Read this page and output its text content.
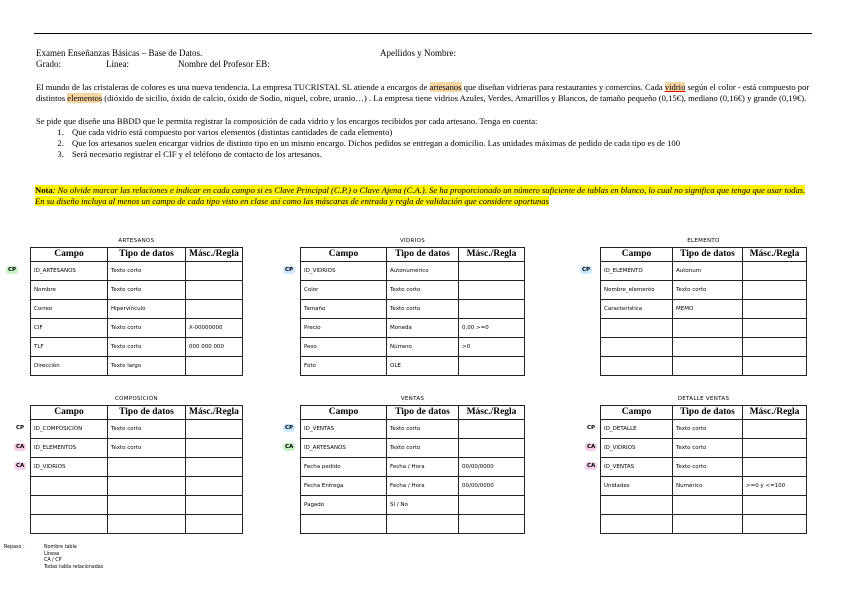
Examen Enseñanzas Básicas – Base de Datos.	Apellidos y Nombre:
Grado:	Línea:	Nombre del Profesor EB:
El mundo de las cristaleras de colores es una nueva tendencia. La empresa TUCRISTAL SL atiende a encargos de artesanos que diseñan vidrieras para restaurantes y comercios. Cada vidrio según el color - está compuesto por distintos elementos (dióxido de sicilio, óxido de calcio, óxido de Sodio, niquel, cobre, uranio…) . La empresa tiene vidrios Azules, Verdes, Amarillos y Blancos, de tamaño pequeño (0,15€), mediano (0,16€) y grande (0,19€).
Se pide que diseñe una BBDD que le permita registrar la composición de cada vidrio y los encargos recibidos por cada artesano. Tenga en cuenta:
1. Que cada vidrio está compuesto por varios elementos (distintas cantidades de cada elemento)
2. Que los artesanos suelen encargar vidrios de distinto tipo en un mismo encargo. Dichos pedidos se entregan a domicilio. Las unidades máximas de pedido de cada tipo es de 100
3. Será necesario registrar el CIF y el teléfono de contacto de los artesanos.
Nota: No olvide marcar las relaciones e indicar en cada campo si es Clave Principal (C.P.) o Clave Ajena (C.A.). Se ha proporcionado un número suficiente de tablas en blanco, lo cual no significa que tenga que usar todas. En su diseño incluya al menos un campo de cada tipo visto en clase así como las máscaras de entrada y regla de validación que considere oportunas
CP
ARTESANOS		
Campo	Tipo de datos	Másc./Regla
ID_ARTESANOS	Texto corto	
Nombre	Texto corto	
Correo	Hipervínculo	
CIF	Texto corto	X-00000000
TLF	Texto corto	000 000 000
Dirección	Texto largo	
CP
VIDRIOS		
Campo	Tipo de datos	Másc./Regla
ID_VIDRIOS	Autonumérico	
Color	Texto corto	
Tamaño	Texto corto	
Precio	Moneda	0,00 >=0
Peso	Número	>0
Foto	OLE	
CP
ELEMENTO		
Campo	Tipo de datos	Másc./Regla
ID_ELEMENTO	Autonum	
Nombre_elemento	Texto corto	
Característica	MEMO	

CP
CA
CA
COMPOSICIÓN		
Campo	Tipo de datos	Másc./Regla
ID_COMPOSICIÓN	Texto corto	
ID_ELEMENTOS	Texto corto	
ID_VIDRIOS		

CP
CA
VENTAS		
Campo	Tipo de datos	Másc./Regla
ID_VENTAS	Texto corto	
ID_ARTESANOS	Texto corto	
Fecha pedido	Fecha / Hora	00/00/0000
Fecha Entrega	Fecha / Hora	00/00/0000
Pagado	Sí / No	

CP
CA
CA
DETALLE VENTAS		
Campo	Tipo de datos	Másc./Regla
ID_DETALLE	Texto corto	
ID_VIDRIOS	Texto corto	
ID_VENTAS	Texto corto	
Unidades	Numérico	>=0 y <=100

Repaso :	Nombre tabla
Líneas
CA / CP
Todas tabla relacionadas
